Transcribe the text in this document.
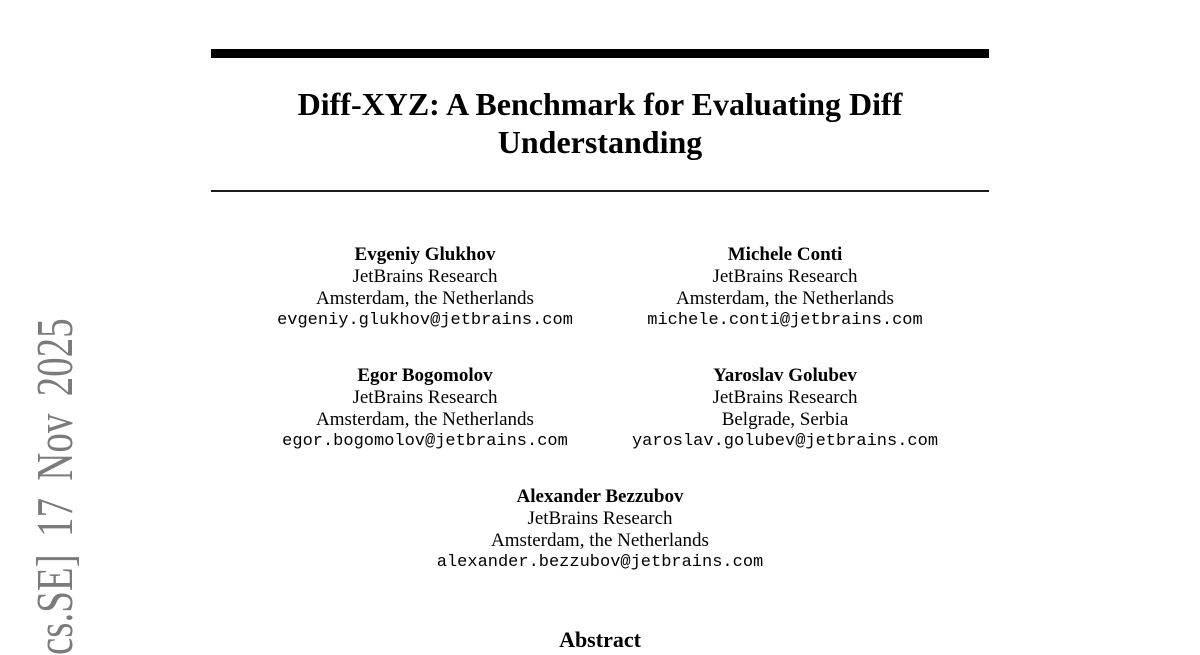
cs.SE] 17 Nov 2025
Diff-XYZ: A Benchmark for Evaluating Diff
Understanding
Evgeniy Glukhov
JetBrains Research
Amsterdam, the Netherlands
evgeniy.glukhov@jetbrains.com
Michele Conti
JetBrains Research
Amsterdam, the Netherlands
michele.conti@jetbrains.com
Egor Bogomolov
JetBrains Research
Amsterdam, the Netherlands
egor.bogomolov@jetbrains.com
Yaroslav Golubev
JetBrains Research
Belgrade, Serbia
yaroslav.golubev@jetbrains.com
Alexander Bezzubov
JetBrains Research
Amsterdam, the Netherlands
alexander.bezzubov@jetbrains.com
Abstract
